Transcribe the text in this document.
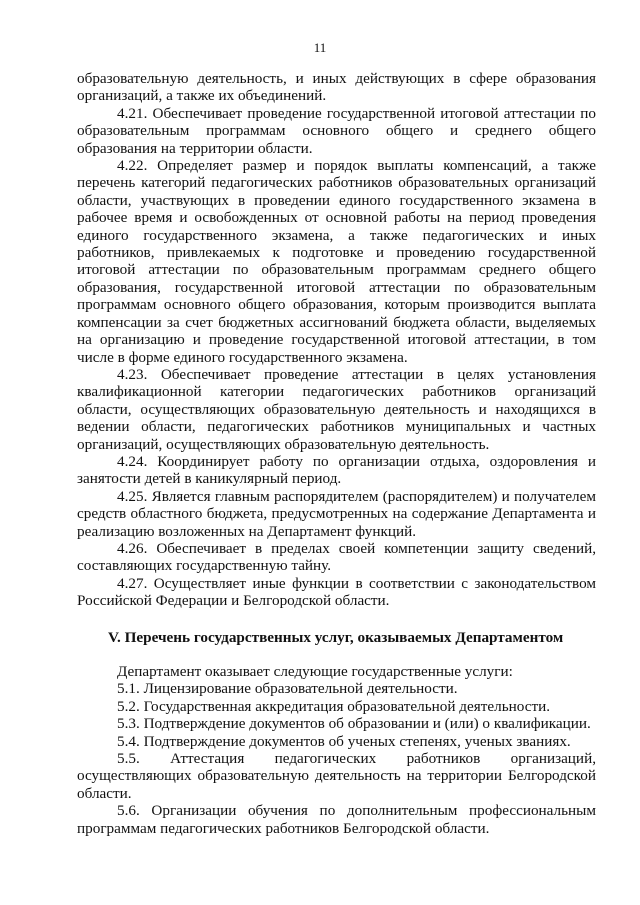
11

образовательную деятельность, и иных действующих в сфере образования организаций, а также их объединений.

4.21. Обеспечивает проведение государственной итоговой аттестации по образовательным программам основного общего и среднего общего образования на территории области.

4.22. Определяет размер и порядок выплаты компенсаций, а также перечень категорий педагогических работников образовательных организаций области, участвующих в проведении единого государственного экзамена в рабочее время и освобожденных от основной работы на период проведения единого государственного экзамена, а также педагогических и иных работников, привлекаемых к подготовке и проведению государственной итоговой аттестации по образовательным программам среднего общего образования, государственной итоговой аттестации по образовательным программам основного общего образования, которым производится выплата компенсации за счет бюджетных ассигнований бюджета области, выделяемых на организацию и проведение государственной итоговой аттестации, в том числе в форме единого государственного экзамена.

4.23. Обеспечивает проведение аттестации в целях установления квалификационной категории педагогических работников организаций области, осуществляющих образовательную деятельность и находящихся в ведении области, педагогических работников муниципальных и частных организаций, осуществляющих образовательную деятельность.

4.24. Координирует работу по организации отдыха, оздоровления и занятости детей в каникулярный период.

4.25. Является главным распорядителем (распорядителем) и получателем средств областного бюджета, предусмотренных на содержание Департамента и реализацию возложенных на Департамент функций.

4.26. Обеспечивает в пределах своей компетенции защиту сведений, составляющих государственную тайну.

4.27. Осуществляет иные функции в соответствии с законодательством Российской Федерации и Белгородской области.

V. Перечень государственных услуг, оказываемых Департаментом

Департамент оказывает следующие государственные услуги:

5.1. Лицензирование образовательной деятельности.

5.2. Государственная аккредитация образовательной деятельности.

5.3. Подтверждение документов об образовании и (или) о квалификации.

5.4. Подтверждение документов об ученых степенях, ученых званиях.

5.5. Аттестация педагогических работников организаций, осуществляющих образовательную деятельность на территории Белгородской области.

5.6. Организации обучения по дополнительным профессиональным программам педагогических работников Белгородской области.
